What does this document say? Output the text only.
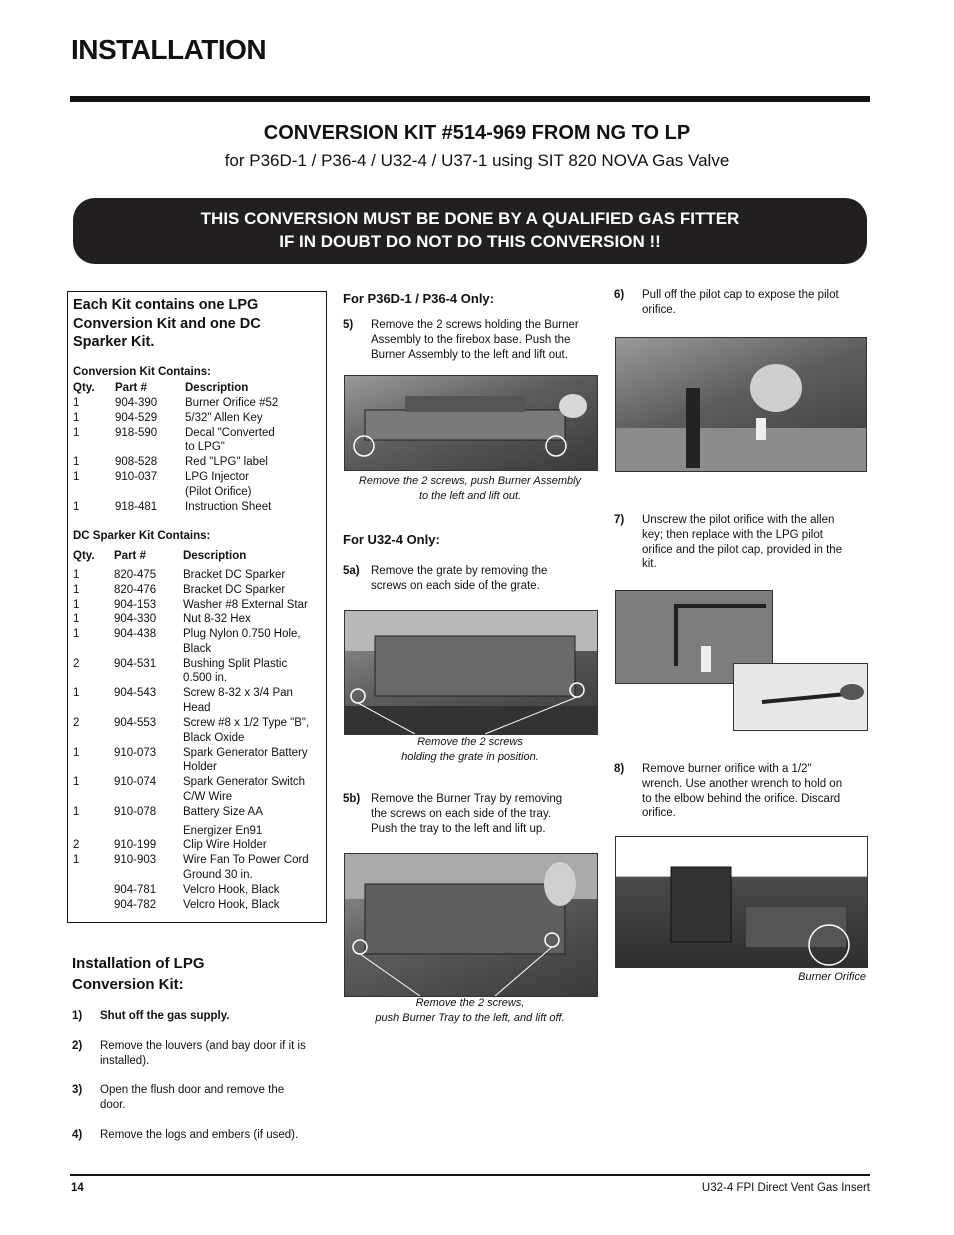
INSTALLATION
CONVERSION KIT #514-969 FROM NG TO LP
for P36D-1 / P36-4 / U32-4 / U37-1 using SIT 820 NOVA Gas Valve
THIS CONVERSION MUST BE DONE BY A QUALIFIED GAS FITTER
IF IN DOUBT DO NOT DO THIS CONVERSION !!
Each Kit contains one LPG Conversion Kit and one DC Sparker Kit.
Conversion Kit Contains:
Qty. Part #	Description
1	904-390 Burner Orifice #52
1	904-529 5/32" Allen Key
1	918-590 Decal "Converted
to LPG"
1	908-528 Red "LPG" label
1	910-037 LPG Injector
(Pilot Orifice)
1	918-481 Instruction Sheet
DC Sparker Kit Contains:
Qty. Part #	Description
1	820-475 Bracket DC Sparker
1	820-476 Bracket DC Sparker
1	904-153 Washer #8 External Star
1	904-330 Nut 8-32 Hex
1	904-438 Plug Nylon 0.750 Hole,
Black
2	904-531 Bushing Split Plastic
0.500 in.
1	904-543 Screw 8-32 x 3/4 Pan
Head
2	904-553 Screw #8 x 1/2 Type "B",
Black Oxide
1	910-073 Spark Generator Battery
Holder
1	910-074 Spark Generator Switch
C/W Wire
1	910-078 Battery Size AA
Energizer En91
2	910-199 Clip Wire Holder
1	910-903 Wire Fan To Power Cord
Ground 30 in.
904-781 Velcro Hook, Black
904-782 Velcro Hook, Black
Installation of LPG
Conversion Kit:
1) Shut off the gas supply.
2) Remove the louvers (and bay door if it is
installed).
3) Open the flush door and remove the
door.
4) Remove the logs and embers (if used).
For P36D-1 / P36-4 Only:
5) Remove the 2 screws holding the Burner
Assembly to the firebox base. Push the
Burner Assembly to the left and lift out.
Remove the 2 screws, push Burner Assembly
to the left and lift out.
For U32-4 Only:
5a) Remove the grate by removing the
screws on each side of the grate.
Remove the 2 screws
holding the grate in position.
5b) Remove the Burner Tray by removing
the screws on each side of the tray.
Push the tray to the left and lift up.
Remove the 2 screws,
push Burner Tray to the left, and lift off.
6) Pull off the pilot cap to expose the pilot
orifice.
7) Unscrew the pilot orifice with the allen
key; then replace with the LPG pilot
orifice and the pilot cap, provided in the
kit.
8) Remove burner orifice with a 1/2"
wrench. Use another wrench to hold on
to the elbow behind the orifice. Discard
orifice.
Burner Orifice
14	U32-4 FPI Direct Vent Gas Insert
